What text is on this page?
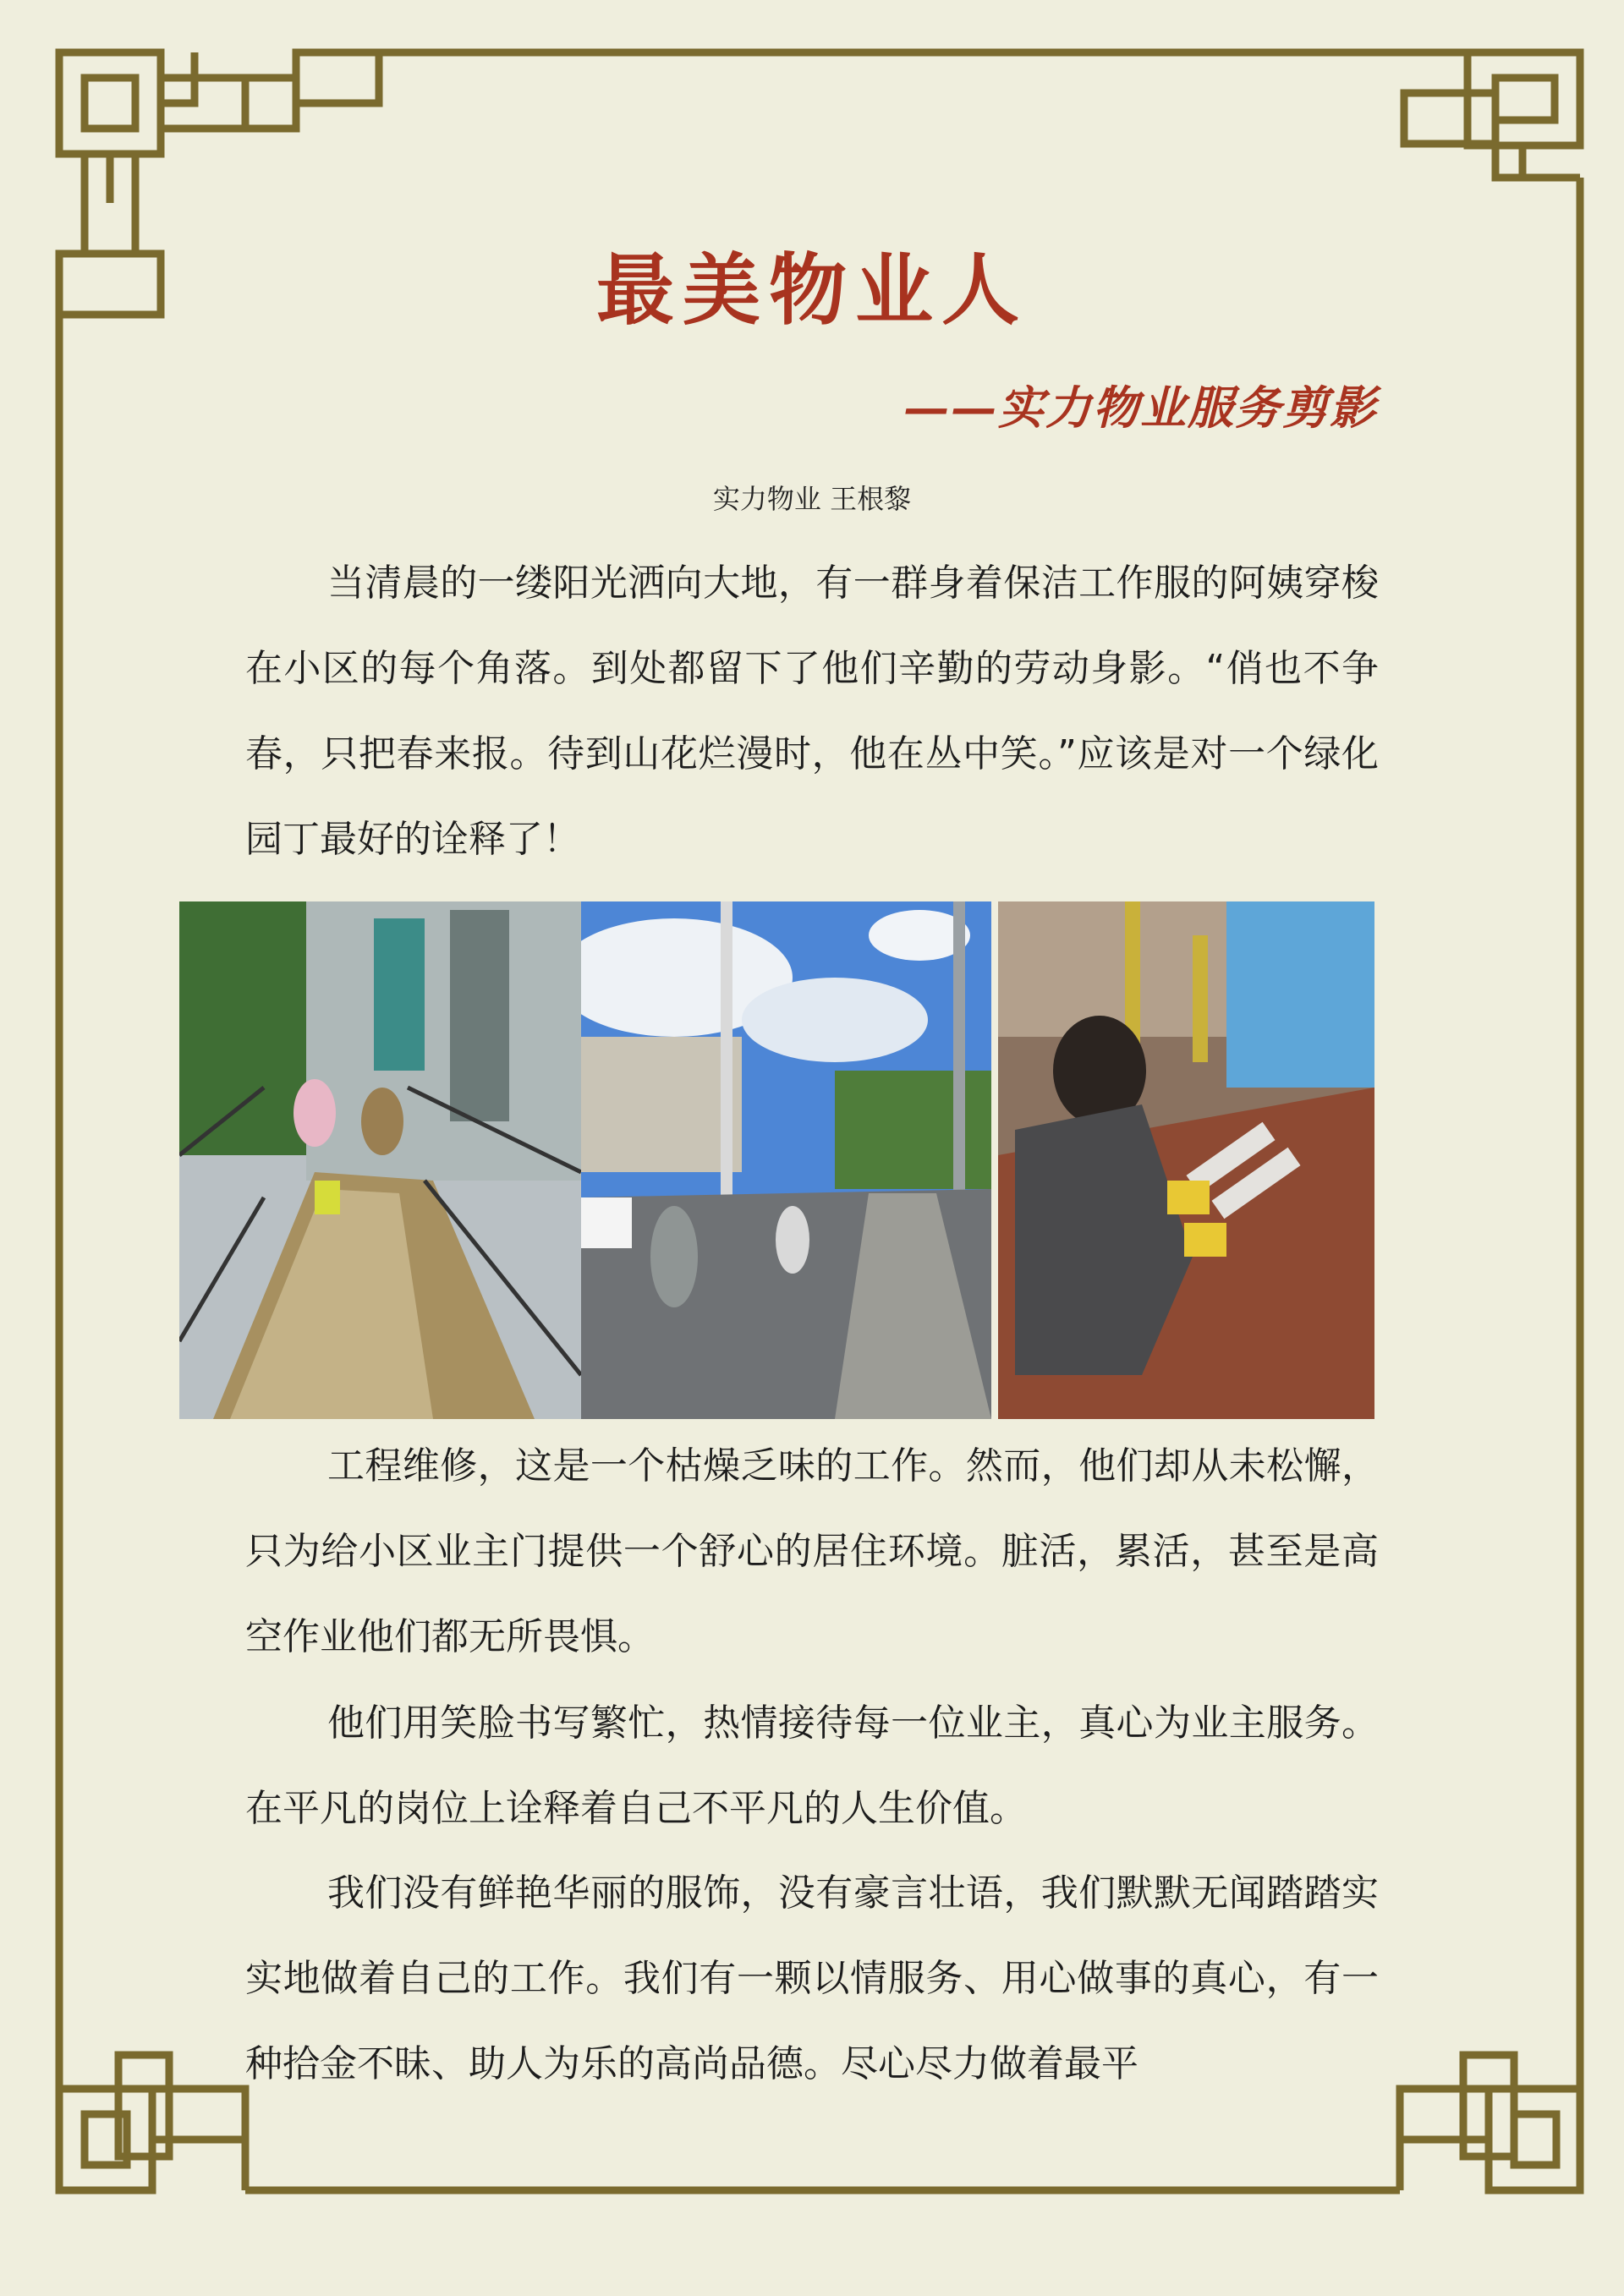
最美物业人
——实力物业服务剪影
实力物业 王根黎

当清晨的一缕阳光洒向大地，有一群身着保洁工作服的阿姨穿梭在小区的每个角落。到处都留下了他们辛勤的劳动身影。“俏也不争春，只把春来报。待到山花烂漫时，他在丛中笑。”应该是对一个绿化园丁最好的诠释了！

工程维修，这是一个枯燥乏味的工作。然而，他们却从未松懈，只为给小区业主门提供一个舒心的居住环境。脏活，累活，甚至是高空作业他们都无所畏惧。

他们用笑脸书写繁忙，热情接待每一位业主，真心为业主服务。在平凡的岗位上诠释着自己不平凡的人生价值。

我们没有鲜艳华丽的服饰，没有豪言壮语，我们默默无闻踏踏实实地做着自己的工作。我们有一颗以情服务、用心做事的真心，有一种拾金不昧、助人为乐的高尚品德。尽心尽力做着最平
